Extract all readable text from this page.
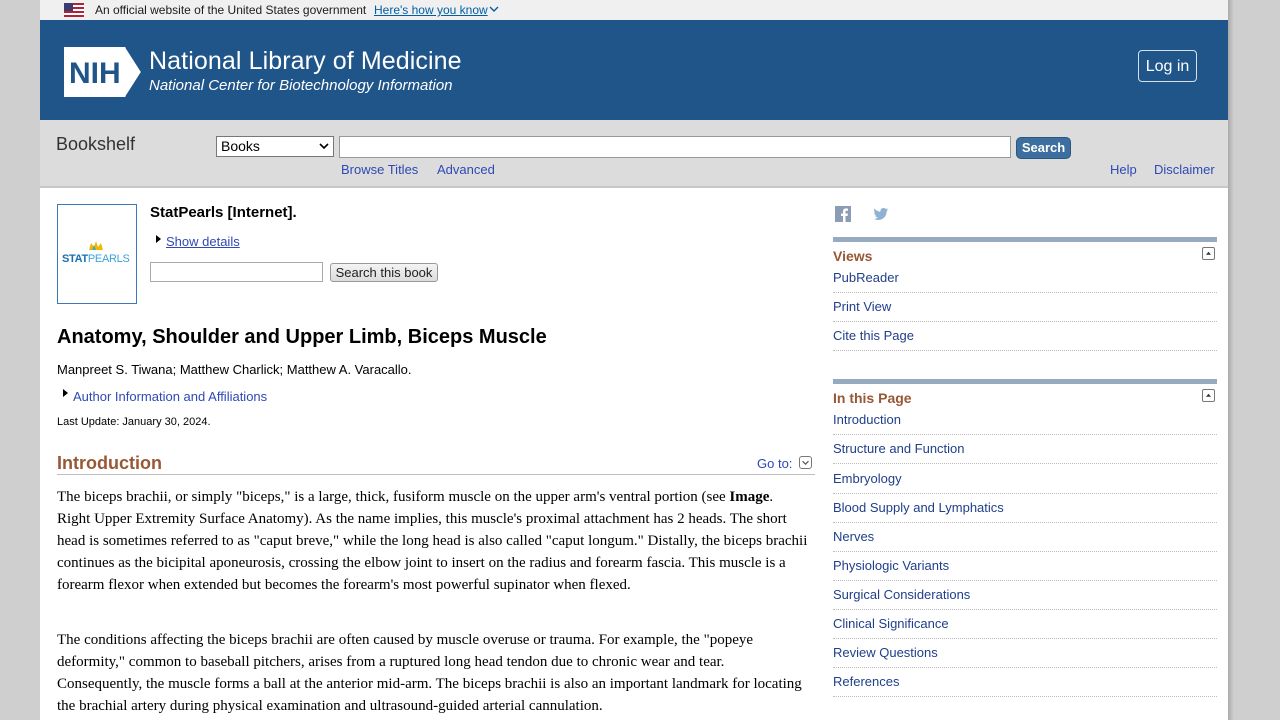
An official website of the United States government Here's how you know
NIH National Library of Medicine
National Center for Biotechnology Information
Log in
Bookshelf	Books	Search
Browse Titles Advanced	Help Disclaimer
STATPEARLS
StatPearls [Internet].
Show details
Search this book
Anatomy, Shoulder and Upper Limb, Biceps Muscle
Manpreet S. Tiwana; Matthew Charlick; Matthew A. Varacallo.
Author Information and Affiliations
Last Update: January 30, 2024.
Introduction	Go to:

The biceps brachii, or simply "biceps," is a large, thick, fusiform muscle on the upper arm's ventral portion (see Image. Right Upper Extremity Surface Anatomy). As the name implies, this muscle's proximal attachment has 2 heads. The short head is sometimes referred to as "caput breve," while the long head is also called "caput longum." Distally, the biceps brachii continues as the bicipital aponeurosis, crossing the elbow joint to insert on the radius and forearm fascia. This muscle is a forearm flexor when extended but becomes the forearm's most powerful supinator when flexed.

The conditions affecting the biceps brachii are often caused by muscle overuse or trauma. For example, the "popeye deformity," common to baseball pitchers, arises from a ruptured long head tendon due to chronic wear and tear. Consequently, the muscle forms a ball at the anterior mid-arm. The biceps brachii is also an important landmark for locating the brachial artery during physical examination and ultrasound-guided arterial cannulation.

Views
PubReader
Print View
Cite this Page
In this Page
Introduction
Structure and Function
Embryology
Blood Supply and Lymphatics
Nerves
Physiologic Variants
Surgical Considerations
Clinical Significance
Review Questions
References
